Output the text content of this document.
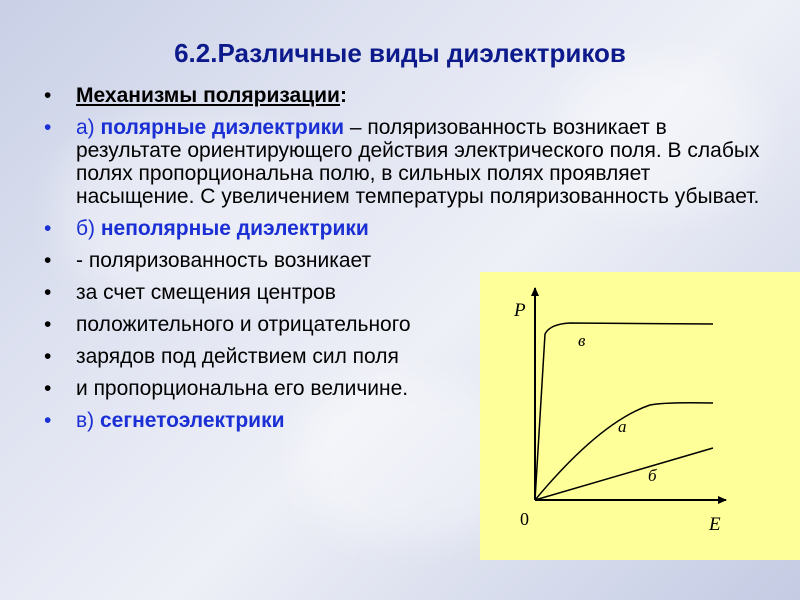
6.2.Различные виды диэлектриков
• Механизмы поляризации:
• а) полярные диэлектрики – поляризованность возникает в результате ориентирующего действия электрического поля. В слабых полях пропорциональна полю, в сильных полях проявляет насыщение. С увеличением температуры поляризованность убывает.
• б) неполярные диэлектрики
• - поляризованность возникает
• за счет смещения центров
• положительного и отрицательного
• зарядов под действием сил поля
• и пропорциональна его величине.
• в) сегнетоэлектрики
P
E
0
в
а
б
